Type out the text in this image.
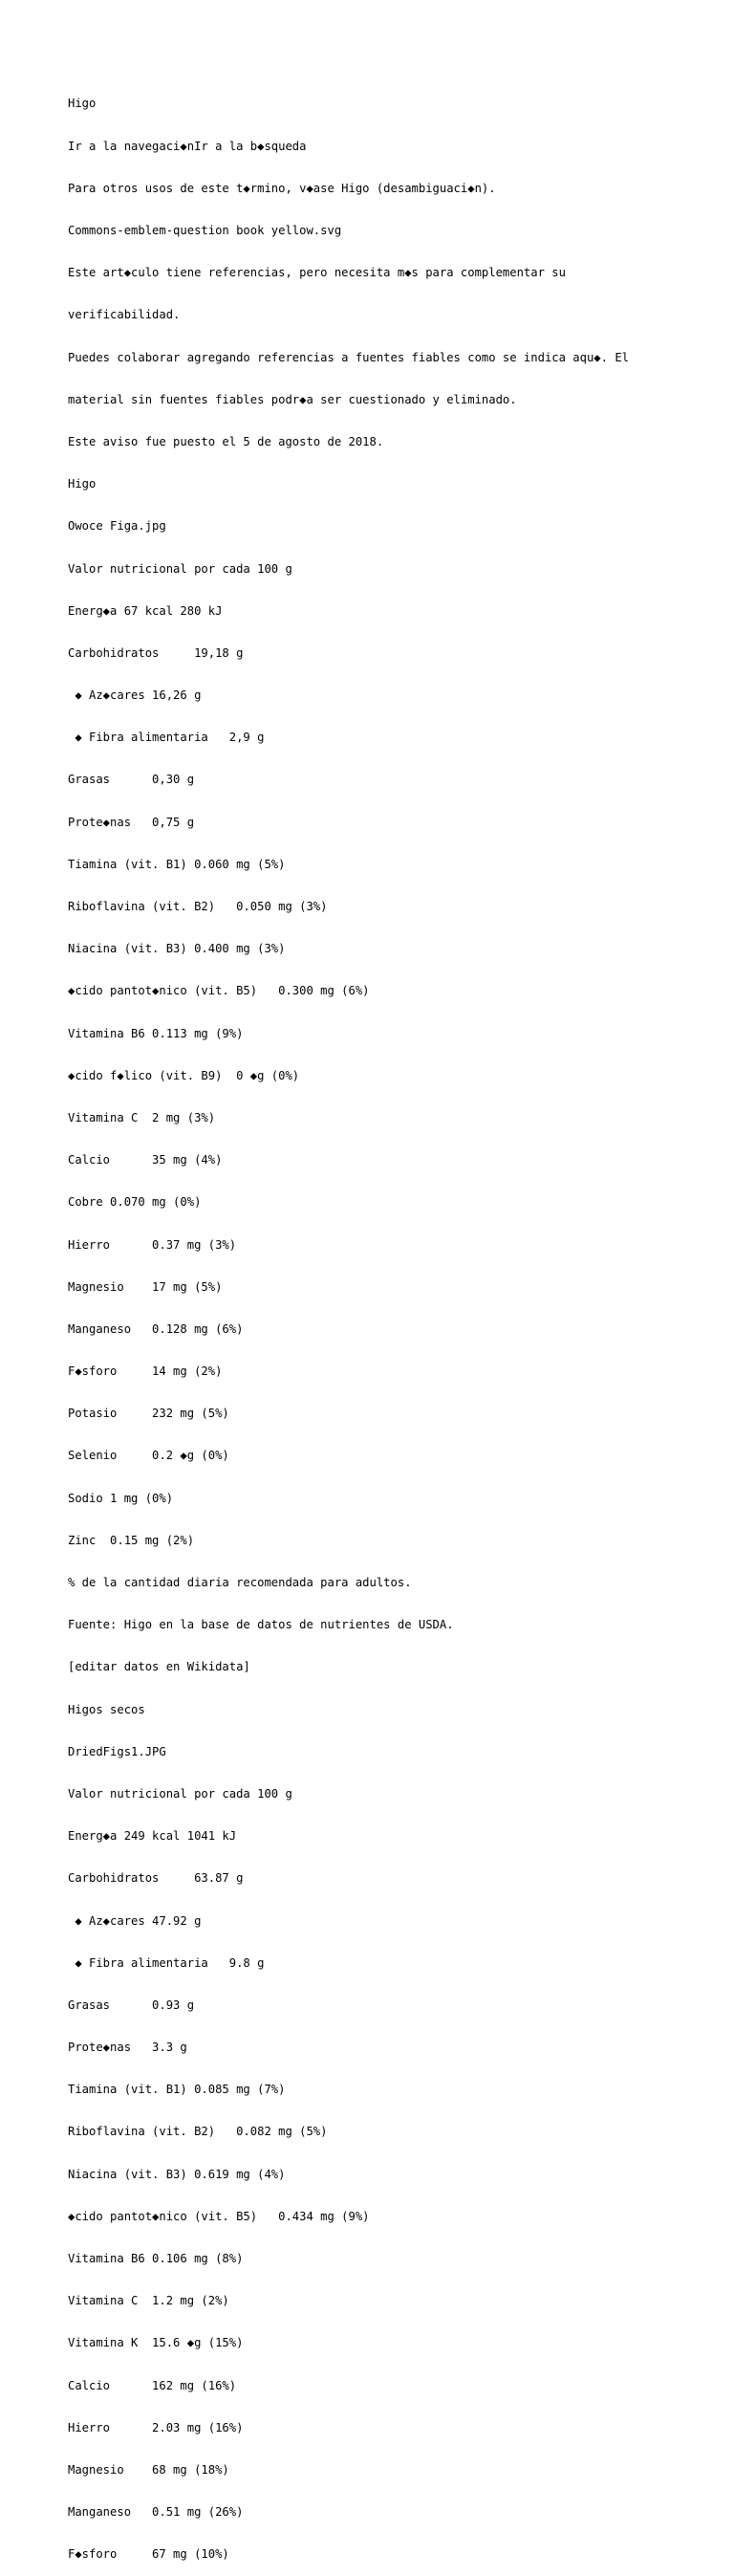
Higo

Ir a la navegaci◆nIr a la b◆squeda

Para otros usos de este t◆rmino, v◆ase Higo (desambiguaci◆n).

Commons-emblem-question book yellow.svg

Este art◆culo tiene referencias, pero necesita m◆s para complementar su

verificabilidad.

Puedes colaborar agregando referencias a fuentes fiables como se indica aqu◆. El

material sin fuentes fiables podr◆a ser cuestionado y eliminado.

Este aviso fue puesto el 5 de agosto de 2018.

Higo

Owoce Figa.jpg

Valor nutricional por cada 100 g

Energ◆a 67 kcal 280 kJ

Carbohidratos     19,18 g

◆ Az◆cares 16,26 g

◆ Fibra alimentaria   2,9 g

Grasas      0,30 g

Prote◆nas   0,75 g

Tiamina (vit. B1) 0.060 mg (5%)

Riboflavina (vit. B2)   0.050 mg (3%)

Niacina (vit. B3) 0.400 mg (3%)

◆cido pantot◆nico (vit. B5)   0.300 mg (6%)

Vitamina B6 0.113 mg (9%)

◆cido f◆lico (vit. B9)  0 ◆g (0%)

Vitamina C  2 mg (3%)

Calcio      35 mg (4%)

Cobre 0.070 mg (0%)

Hierro      0.37 mg (3%)

Magnesio    17 mg (5%)

Manganeso   0.128 mg (6%)

F◆sforo     14 mg (2%)

Potasio     232 mg (5%)

Selenio     0.2 ◆g (0%)

Sodio 1 mg (0%)

Zinc  0.15 mg (2%)

% de la cantidad diaria recomendada para adultos.

Fuente: Higo en la base de datos de nutrientes de USDA.

[editar datos en Wikidata]

Higos secos

DriedFigs1.JPG

Valor nutricional por cada 100 g

Energ◆a 249 kcal 1041 kJ

Carbohidratos     63.87 g

◆ Az◆cares 47.92 g

◆ Fibra alimentaria   9.8 g

Grasas      0.93 g

Prote◆nas   3.3 g

Tiamina (vit. B1) 0.085 mg (7%)

Riboflavina (vit. B2)   0.082 mg (5%)

Niacina (vit. B3) 0.619 mg (4%)

◆cido pantot◆nico (vit. B5)   0.434 mg (9%)

Vitamina B6 0.106 mg (8%)

Vitamina C  1.2 mg (2%)

Vitamina K  15.6 ◆g (15%)

Calcio      162 mg (16%)

Hierro      2.03 mg (16%)

Magnesio    68 mg (18%)

Manganeso   0.51 mg (26%)

F◆sforo     67 mg (10%)
